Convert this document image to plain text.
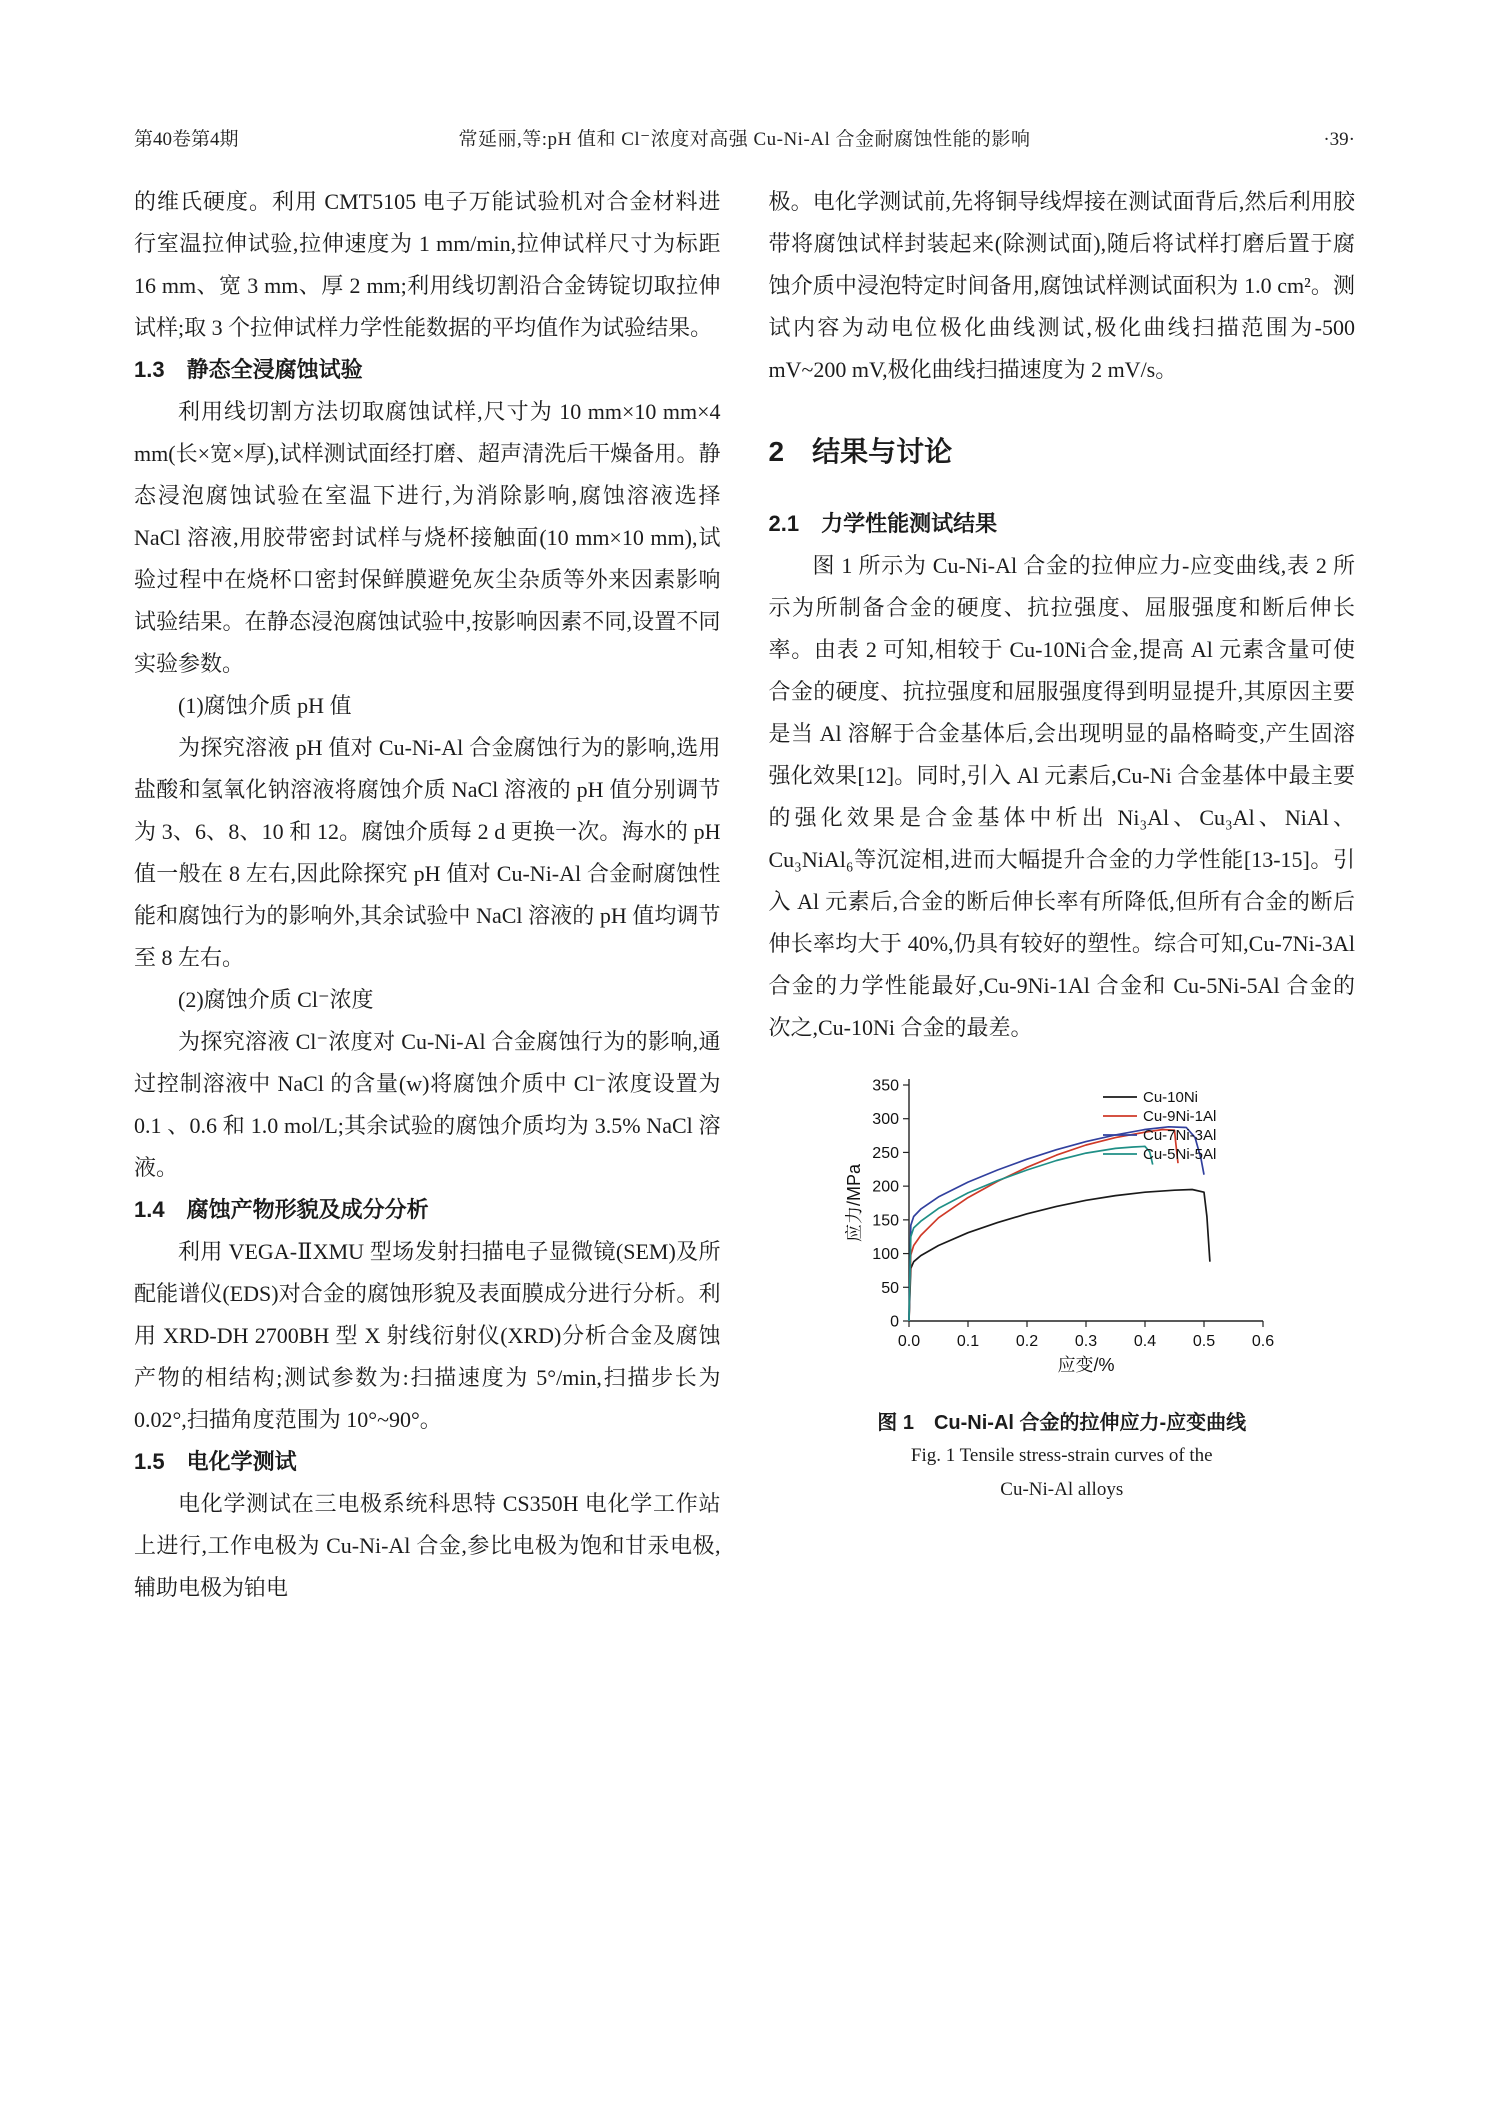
第40卷第4期	常延丽,等:pH 值和 Cl⁻浓度对高强 Cu-Ni-Al 合金耐腐蚀性能的影响	·39·

的维氏硬度。利用 CMT5105 电子万能试验机对合金材料进行室温拉伸试验,拉伸速度为 1 mm/min,拉伸试样尺寸为标距 16 mm、宽 3 mm、厚 2 mm;利用线切割沿合金铸锭切取拉伸试样;取 3 个拉伸试样力学性能数据的平均值作为试验结果。

1.3　静态全浸腐蚀试验

利用线切割方法切取腐蚀试样,尺寸为 10 mm×10 mm×4 mm(长×宽×厚),试样测试面经打磨、超声清洗后干燥备用。静态浸泡腐蚀试验在室温下进行,为消除影响,腐蚀溶液选择 NaCl 溶液,用胶带密封试样与烧杯接触面(10 mm×10 mm),试验过程中在烧杯口密封保鲜膜避免灰尘杂质等外来因素影响试验结果。在静态浸泡腐蚀试验中,按影响因素不同,设置不同实验参数。

(1)腐蚀介质 pH 值

为探究溶液 pH 值对 Cu-Ni-Al 合金腐蚀行为的影响,选用盐酸和氢氧化钠溶液将腐蚀介质 NaCl 溶液的 pH 值分别调节为 3、6、8、10 和 12。腐蚀介质每 2 d 更换一次。海水的 pH 值一般在 8 左右,因此除探究 pH 值对 Cu-Ni-Al 合金耐腐蚀性能和腐蚀行为的影响外,其余试验中 NaCl 溶液的 pH 值均调节至 8 左右。

(2)腐蚀介质 Cl⁻浓度

为探究溶液 Cl⁻浓度对 Cu-Ni-Al 合金腐蚀行为的影响,通过控制溶液中 NaCl 的含量(w)将腐蚀介质中 Cl⁻浓度设置为 0.1 、0.6 和 1.0 mol/L;其余试验的腐蚀介质均为 3.5% NaCl 溶液。

1.4　腐蚀产物形貌及成分分析

利用 VEGA-ⅡXMU 型场发射扫描电子显微镜(SEM)及所配能谱仪(EDS)对合金的腐蚀形貌及表面膜成分进行分析。利用 XRD-DH 2700BH 型 X 射线衍射仪(XRD)分析合金及腐蚀产物的相结构;测试参数为:扫描速度为 5°/min,扫描步长为 0.02°,扫描角度范围为 10°~90°。

1.5　电化学测试

电化学测试在三电极系统科思特 CS350H 电化学工作站上进行,工作电极为 Cu-Ni-Al 合金,参比电极为饱和甘汞电极,辅助电极为铂电

极。电化学测试前,先将铜导线焊接在测试面背后,然后利用胶带将腐蚀试样封装起来(除测试面),随后将试样打磨后置于腐蚀介质中浸泡特定时间备用,腐蚀试样测试面积为 1.0 cm²。测试内容为动电位极化曲线测试,极化曲线扫描范围为-500 mV~200 mV,极化曲线扫描速度为 2 mV/s。

2　结果与讨论
2.1　力学性能测试结果

图 1 所示为 Cu-Ni-Al 合金的拉伸应力-应变曲线,表 2 所示为所制备合金的硬度、抗拉强度、屈服强度和断后伸长率。由表 2 可知,相较于 Cu-10Ni合金,提高 Al 元素含量可使合金的硬度、抗拉强度和屈服强度得到明显提升,其原因主要是当 Al 溶解于合金基体后,会出现明显的晶格畸变,产生固溶强化效果[12]。同时,引入 Al 元素后,Cu-Ni 合金基体中最主要的强化效果是合金基体中析出 Ni₃Al、Cu₃Al、NiAl、Cu₃NiAl₆等沉淀相,进而大幅提升合金的力学性能[13-15]。引入 Al 元素后,合金的断后伸长率有所降低,但所有合金的断后伸长率均大于 40%,仍具有较好的塑性。综合可知,Cu-7Ni-3Al 合金的力学性能最好,Cu-9Ni-1Al 合金和 Cu-5Ni-5Al 合金的次之,Cu-10Ni 合金的最差。

0
50
100
150
200
250
300
350
0.0 0.1 0.2 0.3 0.4 0.5 0.6
应变/%
应力/MPa
Cu-10Ni
Cu-9Ni-1Al
Cu-7Ni-3Al
Cu-5Ni-5Al

图 1　Cu-Ni-Al 合金的拉伸应力-应变曲线

Fig. 1 Tensile stress-strain curves of the

Cu-Ni-Al alloys
